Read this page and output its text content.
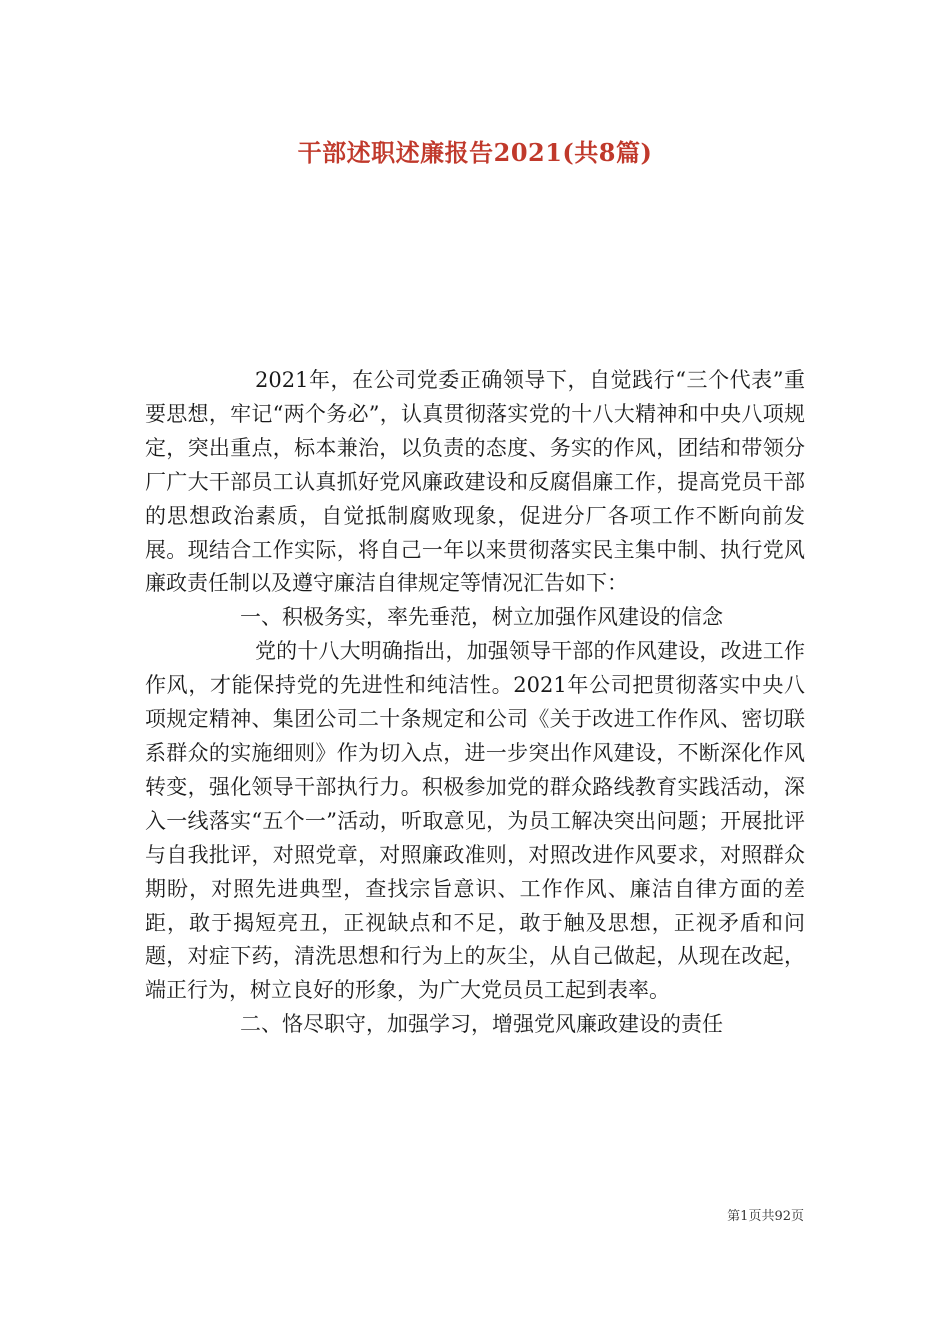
干部述职述廉报告2021(共8篇)

2021年，在公司党委正确领导下，自觉践行“三个代表”重要思想，牢记“两个务必”，认真贯彻落实党的十八大精神和中央八项规定，突出重点，标本兼治，以负责的态度、务实的作风，团结和带领分厂广大干部员工认真抓好党风廉政建设和反腐倡廉工作，提高党员干部的思想政治素质，自觉抵制腐败现象，促进分厂各项工作不断向前发展。现结合工作实际，将自己一年以来贯彻落实民主集中制、执行党风廉政责任制以及遵守廉洁自律规定等情况汇告如下：

一、积极务实，率先垂范，树立加强作风建设的信念

党的十八大明确指出，加强领导干部的作风建设，改进工作作风，才能保持党的先进性和纯洁性。2021年公司把贯彻落实中央八项规定精神、集团公司二十条规定和公司《关于改进工作作风、密切联系群众的实施细则》作为切入点，进一步突出作风建设，不断深化作风转变，强化领导干部执行力。积极参加党的群众路线教育实践活动，深入一线落实“五个一”活动，听取意见，为员工解决突出问题；开展批评与自我批评，对照党章，对照廉政准则，对照改进作风要求，对照群众期盼，对照先进典型，查找宗旨意识、工作作风、廉洁自律方面的差距，敢于揭短亮丑，正视缺点和不足，敢于触及思想，正视矛盾和问题，对症下药，清洗思想和行为上的灰尘，从自己做起，从现在改起，端正行为，树立良好的形象，为广大党员员工起到表率。

二、恪尽职守，加强学习，增强党风廉政建设的责任

第1页共92页
